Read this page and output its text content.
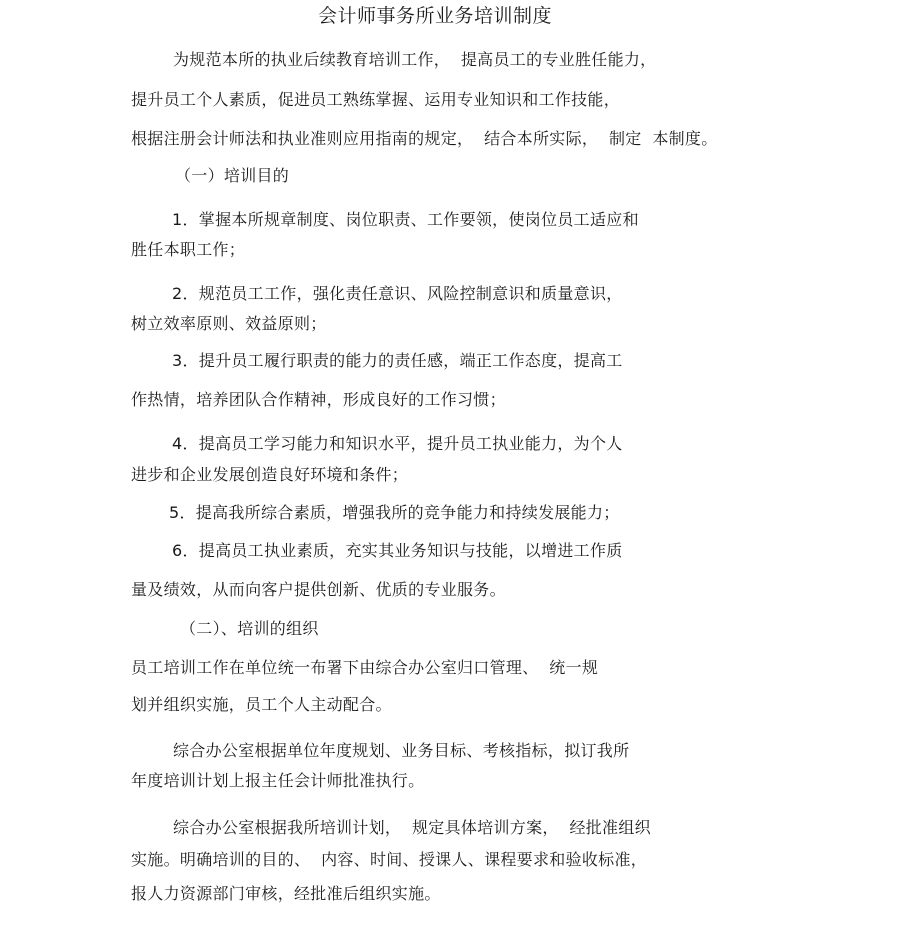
会计师事务所业务培训制度
为规范本所的执业后续教育培训工作，  提高员工的专业胜任能力，
提升员工个人素质，促进员工熟练掌握、运用专业知识和工作技能，
根据注册会计师法和执业准则应用指南的规定，  结合本所实际，  制定  本制度。
（一）培训目的
1．掌握本所规章制度、岗位职责、工作要领，使岗位员工适应和
胜任本职工作；
2．规范员工工作，强化责任意识、风险控制意识和质量意识，
树立效率原则、效益原则；
3．提升员工履行职责的能力的责任感，端正工作态度，提高工
作热情，培养团队合作精神，形成良好的工作习惯；
4．提高员工学习能力和知识水平，提升员工执业能力，为个人
进步和企业发展创造良好环境和条件；
5．提高我所综合素质，增强我所的竞争能力和持续发展能力；
6．提高员工执业素质，充实其业务知识与技能，以增进工作质
量及绩效，从而向客户提供创新、优质的专业服务。
（二）、培训的组织
员工培训工作在单位统一布署下由综合办公室归口管理、  统一规
划并组织实施，员工个人主动配合。
综合办公室根据单位年度规划、业务目标、考核指标，拟订我所
年度培训计划上报主任会计师批准执行。
综合办公室根据我所培训计划，  规定具体培训方案，  经批准组织
实施。明确培训的目的、  内容、时间、授课人、课程要求和验收标准，
报人力资源部门审核，经批准后组织实施。
